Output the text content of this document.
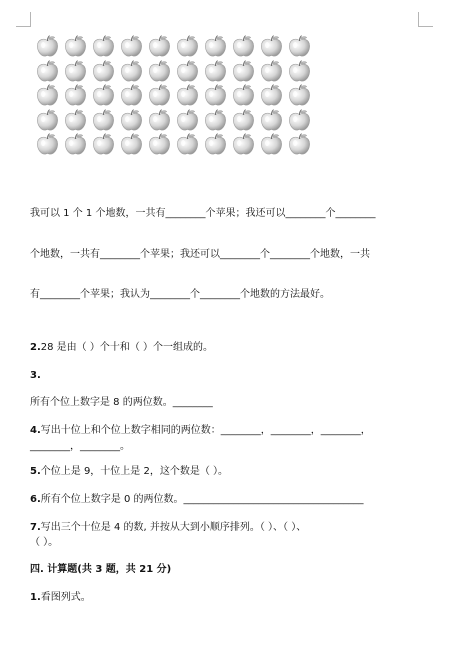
我可以 1 个 1 个地数，一共有________个苹果；我还可以________个________
个地数，一共有________个苹果；我还可以________个________个地数，一共
有________个苹果；我认为________个________个地数的方法最好。
2.28 是由（ ）个十和（ ）个一组成的。
3.
所有个位上数字是 8 的两位数。________
4.写出十位上和个位上数字相同的两位数：________，________，________，
________，________。
5.个位上是 9，十位上是 2，这个数是（ ）。
6.所有个位上数字是 0 的两位数。____________________________________
7.写出三个十位是 4 的数, 并按从大到小顺序排列。（ ）、（ ）、
（ ）。
四. 计算题(共 3 题，共 21 分)
1.看图列式。
